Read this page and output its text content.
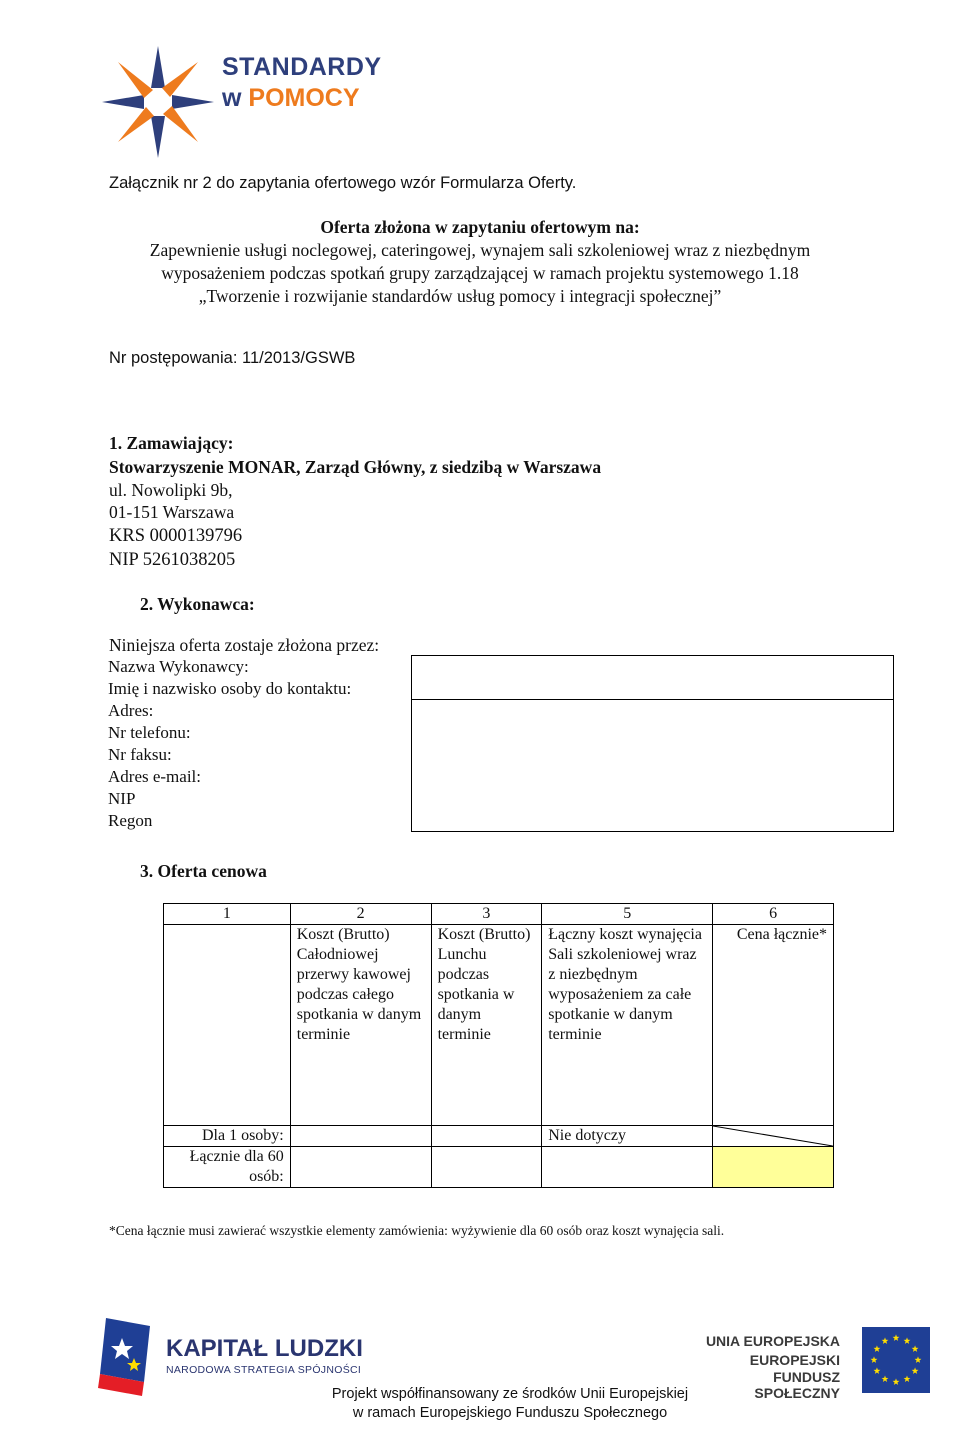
STANDARDY
w POMOCY
Załącznik nr 2 do zapytania ofertowego wzór Formularza Oferty.
Oferta złożona w zapytaniu ofertowym na:
Zapewnienie usługi noclegowej, cateringowej, wynajem sali szkoleniowej wraz z niezbędnym
wyposażeniem podczas spotkań grupy zarządzającej w ramach projektu systemowego 1.18
„Tworzenie i rozwijanie standardów usług pomocy i integracji społecznej”
Nr postępowania: 11/2013/GSWB
1. Zamawiający:
Stowarzyszenie MONAR, Zarząd Główny, z siedzibą w Warszawa
ul. Nowolipki 9b,
01-151 Warszawa
KRS 0000139796
NIP 5261038205
2. Wykonawca:
Niniejsza oferta zostaje złożona przez:
Nazwa Wykonawcy:	
Imię i nazwisko osoby do kontaktu:	
Adres:	
Nr telefonu:	
Nr faksu:	
Adres e-mail:	
NIP	
Regon	
3. Oferta cenowa
1	2	3	5	6
	Koszt (Brutto) Całodniowej przerwy kawowej podczas całego spotkania w danym terminie	Koszt (Brutto) Lunchu podczas spotkania w danym terminie	Łączny koszt wynajęcia Sali szkoleniowej wraz z niezbędnym wyposażeniem za całe spotkanie w danym terminie	Cena łącznie*
Dla 1 osoby:			Nie dotyczy	

Łącznie dla 60 osób:				
*Cena łącznie musi zawierać wszystkie elementy zamówienia: wyżywienie dla 60 osób oraz koszt wynajęcia sali.
KAPITAŁ LUDZKI
NARODOWA STRATEGIA SPÓJNOŚCI
UNIA EUROPEJSKA
EUROPEJSKI
FUNDUSZ SPOŁECZNY
Projekt współfinansowany ze środków Unii Europejskiej
w ramach Europejskiego Funduszu Społecznego
